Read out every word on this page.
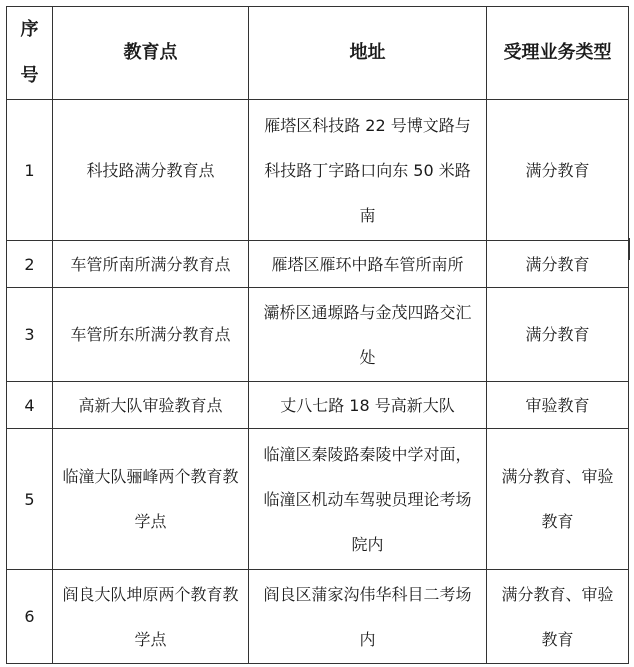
序号	教育点	地址	受理业务类型
1	科技路满分教育点	雁塔区科技路 22 号博文路与科技路丁字路口向东 50 米路南	满分教育
2	车管所南所满分教育点	雁塔区雁环中路车管所南所	满分教育
3	车管所东所满分教育点	灞桥区通塬路与金茂四路交汇处	满分教育
4	高新大队审验教育点	丈八七路 18 号高新大队	审验教育
5	临潼大队骊峰两个教育教学点	临潼区秦陵路秦陵中学对面，临潼区机动车驾驶员理论考场院内	满分教育、审验教育
6	阎良大队坤原两个教育教学点	阎良区蒲家沟伟华科目二考场内	满分教育、审验教育
